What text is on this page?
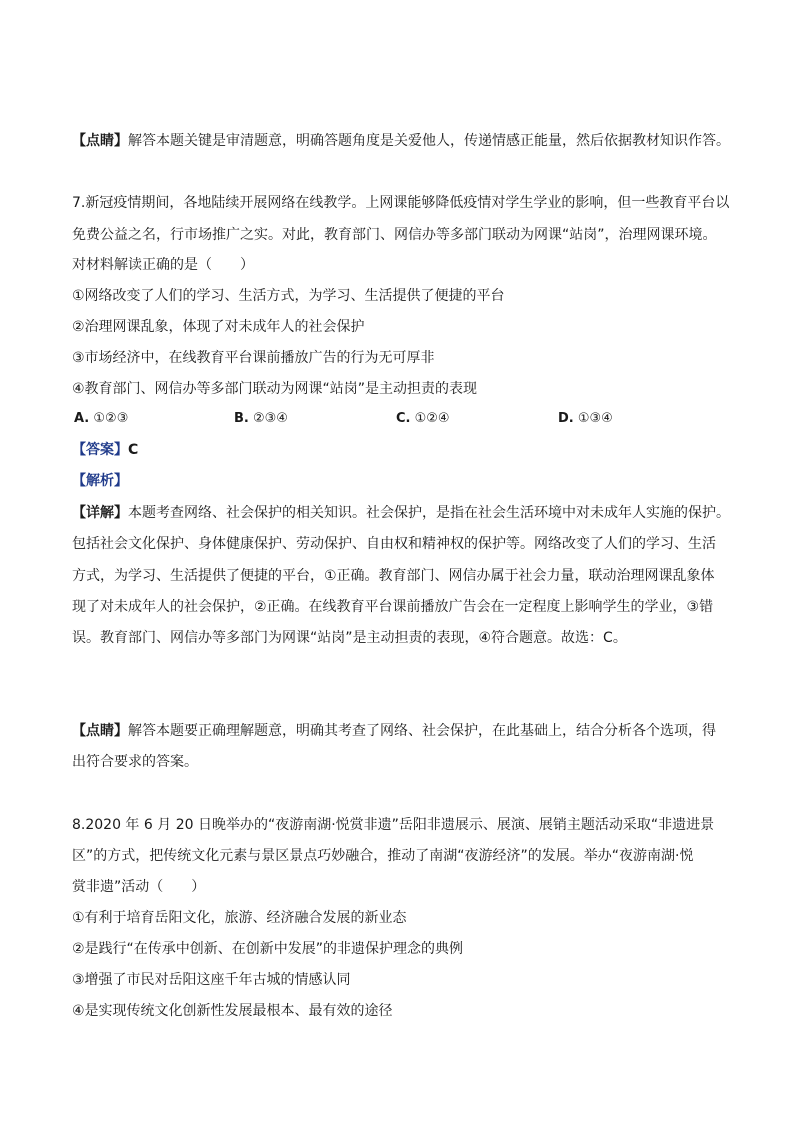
【点睛】解答本题关键是审清题意，明确答题角度是关爱他人，传递情感正能量，然后依据教材知识作答。
7.新冠疫情期间，各地陆续开展网络在线教学。上网课能够降低疫情对学生学业的影响，但一些教育平台以
免费公益之名，行市场推广之实。对此，教育部门、网信办等多部门联动为网课“站岗”，治理网课环境。
对材料解读正确的是（　　）
①网络改变了人们的学习、生活方式，为学习、生活提供了便捷的平台
②治理网课乱象，体现了对未成年人的社会保护
③市场经济中，在线教育平台课前播放广告的行为无可厚非
④教育部门、网信办等多部门联动为网课“站岗”是主动担责的表现
A. ①②③	B. ②③④	C. ①②④	D. ①③④
【答案】C
【解析】
【详解】本题考查网络、社会保护的相关知识。社会保护，是指在社会生活环境中对未成年人实施的保护。
包括社会文化保护、身体健康保护、劳动保护、自由权和精神权的保护等。网络改变了人们的学习、生活
方式，为学习、生活提供了便捷的平台，①正确。教育部门、网信办属于社会力量，联动治理网课乱象体
现了对未成年人的社会保护，②正确。在线教育平台课前播放广告会在一定程度上影响学生的学业，③错
误。教育部门、网信办等多部门为网课“站岗”是主动担责的表现，④符合题意。故选：C。
【点睛】解答本题要正确理解题意，明确其考查了网络、社会保护，在此基础上，结合分析各个选项，得
出符合要求的答案。
8.2020 年 6 月 20 日晚举办的“夜游南湖·悦赏非遗”岳阳非遗展示、展演、展销主题活动采取“非遗进景
区”的方式，把传统文化元素与景区景点巧妙融合，推动了南湖“夜游经济”的发展。举办“夜游南湖·悦
赏非遗”活动（　　）
①有利于培育岳阳文化，旅游、经济融合发展的新业态
②是践行“在传承中创新、在创新中发展”的非遗保护理念的典例
③增强了市民对岳阳这座千年古城的情感认同
④是实现传统文化创新性发展最根本、最有效的途径
